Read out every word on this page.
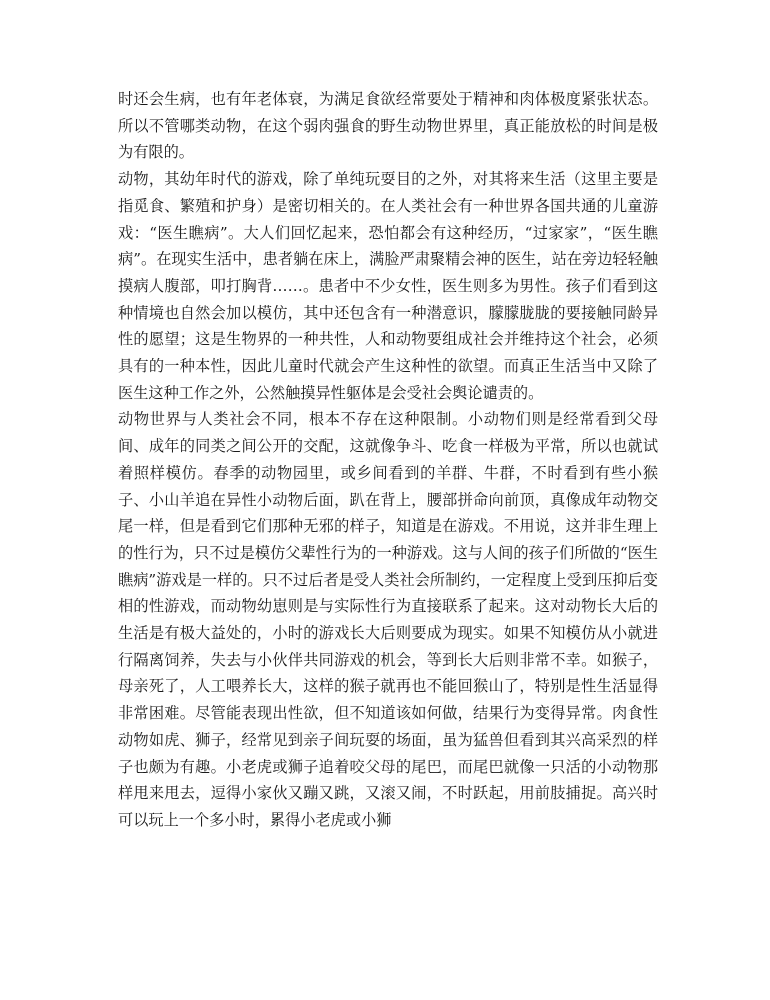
时还会生病，也有年老体衰，为满足食欲经常要处于精神和肉体极度紧张状态。所以不管哪类动物，在这个弱肉强食的野生动物世界里，真正能放松的时间是极为有限的。

动物，其幼年时代的游戏，除了单纯玩耍目的之外，对其将来生活（这里主要是指觅食、繁殖和护身）是密切相关的。在人类社会有一种世界各国共通的儿童游戏：“医生瞧病”。大人们回忆起来，恐怕都会有这种经历，“过家家”，“医生瞧病”。在现实生活中，患者躺在床上，满脸严肃聚精会神的医生，站在旁边轻轻触摸病人腹部，叩打胸背……。患者中不少女性，医生则多为男性。孩子们看到这种情境也自然会加以模仿，其中还包含有一种潜意识，朦朦胧胧的要接触同龄异性的愿望；这是生物界的一种共性，人和动物要组成社会并维持这个社会，必须具有的一种本性，因此儿童时代就会产生这种性的欲望。而真正生活当中又除了医生这种工作之外，公然触摸异性躯体是会受社会舆论谴责的。

动物世界与人类社会不同，根本不存在这种限制。小动物们则是经常看到父母间、成年的同类之间公开的交配，这就像争斗、吃食一样极为平常，所以也就试着照样模仿。春季的动物园里，或乡间看到的羊群、牛群，不时看到有些小猴子、小山羊追在异性小动物后面，趴在背上，腰部拼命向前顶，真像成年动物交尾一样，但是看到它们那种无邪的样子，知道是在游戏。不用说，这并非生理上的性行为，只不过是模仿父辈性行为的一种游戏。这与人间的孩子们所做的“医生瞧病”游戏是一样的。只不过后者是受人类社会所制约，一定程度上受到压抑后变相的性游戏，而动物幼崽则是与实际性行为直接联系了起来。这对动物长大后的生活是有极大益处的，小时的游戏长大后则要成为现实。如果不知模仿从小就进行隔离饲养，失去与小伙伴共同游戏的机会，等到长大后则非常不幸。如猴子，母亲死了，人工喂养长大，这样的猴子就再也不能回猴山了，特别是性生活显得非常困难。尽管能表现出性欲，但不知道该如何做，结果行为变得异常。肉食性动物如虎、狮子，经常见到亲子间玩耍的场面，虽为猛兽但看到其兴高采烈的样子也颇为有趣。小老虎或狮子追着咬父母的尾巴，而尾巴就像一只活的小动物那样甩来甩去，逗得小家伙又蹦又跳，又滚又闹，不时跃起，用前肢捕捉。高兴时可以玩上一个多小时，累得小老虎或小狮
